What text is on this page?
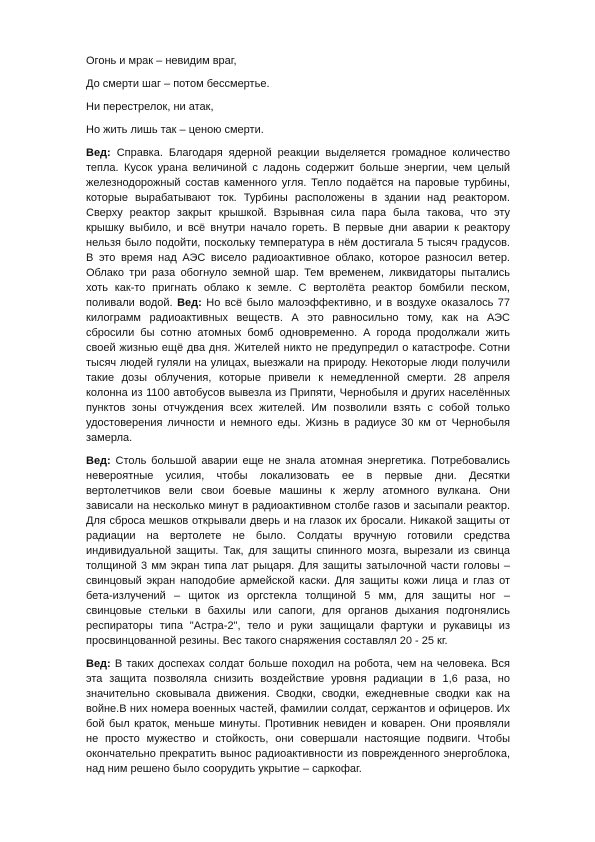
Огонь и мрак – невидим враг,

До смерти шаг – потом бессмертье.

Ни перестрелок, ни атак,

Но жить лишь так – ценою смерти.

Вед: Справка. Благодаря ядерной реакции выделяется громадное количество тепла. Кусок урана величиной с ладонь содержит больше энергии, чем целый железнодорожный состав каменного угля. Тепло подаётся на паровые турбины, которые вырабатывают ток. Турбины расположены в здании над реактором. Сверху реактор закрыт крышкой. Взрывная сила пара была такова, что эту крышку выбило, и всё внутри начало гореть. В первые дни аварии к реактору нельзя было подойти, поскольку температура в нём достигала 5 тысяч градусов. В это время над АЭС висело радиоактивное облако, которое разносил ветер. Облако три раза обогнуло земной шар. Тем временем, ликвидаторы пытались хоть как-то пригнать облако к земле. С вертолёта реактор бомбили песком, поливали водой. Вед: Но всё было малоэффективно, и в воздухе оказалось 77 килограмм радиоактивных веществ. А это равносильно тому, как на АЭС сбросили бы сотню атомных бомб одновременно. А города продолжали жить своей жизнью ещё два дня. Жителей никто не предупредил о катастрофе. Сотни тысяч людей гуляли на улицах, выезжали на природу. Некоторые люди получили такие дозы облучения, которые привели к немедленной смерти. 28 апреля колонна из 1100 автобусов вывезла из Припяти, Чернобыля и других населённых пунктов зоны отчуждения всех жителей. Им позволили взять с собой только удостоверения личности и немного еды. Жизнь в радиусе 30 км от Чернобыля замерла.

Вед: Столь большой аварии еще не знала атомная энергетика. Потребовались невероятные усилия, чтобы локализовать ее в первые дни. Десятки вертолетчиков вели свои боевые машины к жерлу атомного вулкана. Они зависали на несколько минут в радиоактивном столбе газов и засыпали реактор. Для сброса мешков открывали дверь и на глазок их бросали. Никакой защиты от радиации на вертолете не было. Солдаты вручную готовили средства индивидуальной защиты. Так, для защиты спинного мозга, вырезали из свинца толщиной 3 мм экран типа лат рыцаря. Для защиты затылочной части головы – свинцовый экран наподобие армейской каски. Для защиты кожи лица и глаз от бета-излучений – щиток из оргстекла толщиной 5 мм, для защиты ног – свинцовые стельки в бахилы или сапоги, для органов дыхания подгонялись респираторы типа "Астра-2", тело и руки защищали фартуки и рукавицы из просвинцованной резины. Вес такого снаряжения составлял 20 - 25 кг.

Вед: В таких доспехах солдат больше походил на робота, чем на человека. Вся эта защита позволяла снизить воздействие уровня радиации в 1,6 раза, но значительно сковывала движения. Сводки, сводки, ежедневные сводки как на войне.В них номера военных частей, фамилии солдат, сержантов и офицеров. Их бой был краток, меньше минуты. Противник невиден и коварен. Они проявляли не просто мужество и стойкость, они совершали настоящие подвиги. Чтобы окончательно прекратить вынос радиоактивности из поврежденного энергоблока, над ним решено было соорудить укрытие – саркофаг.
